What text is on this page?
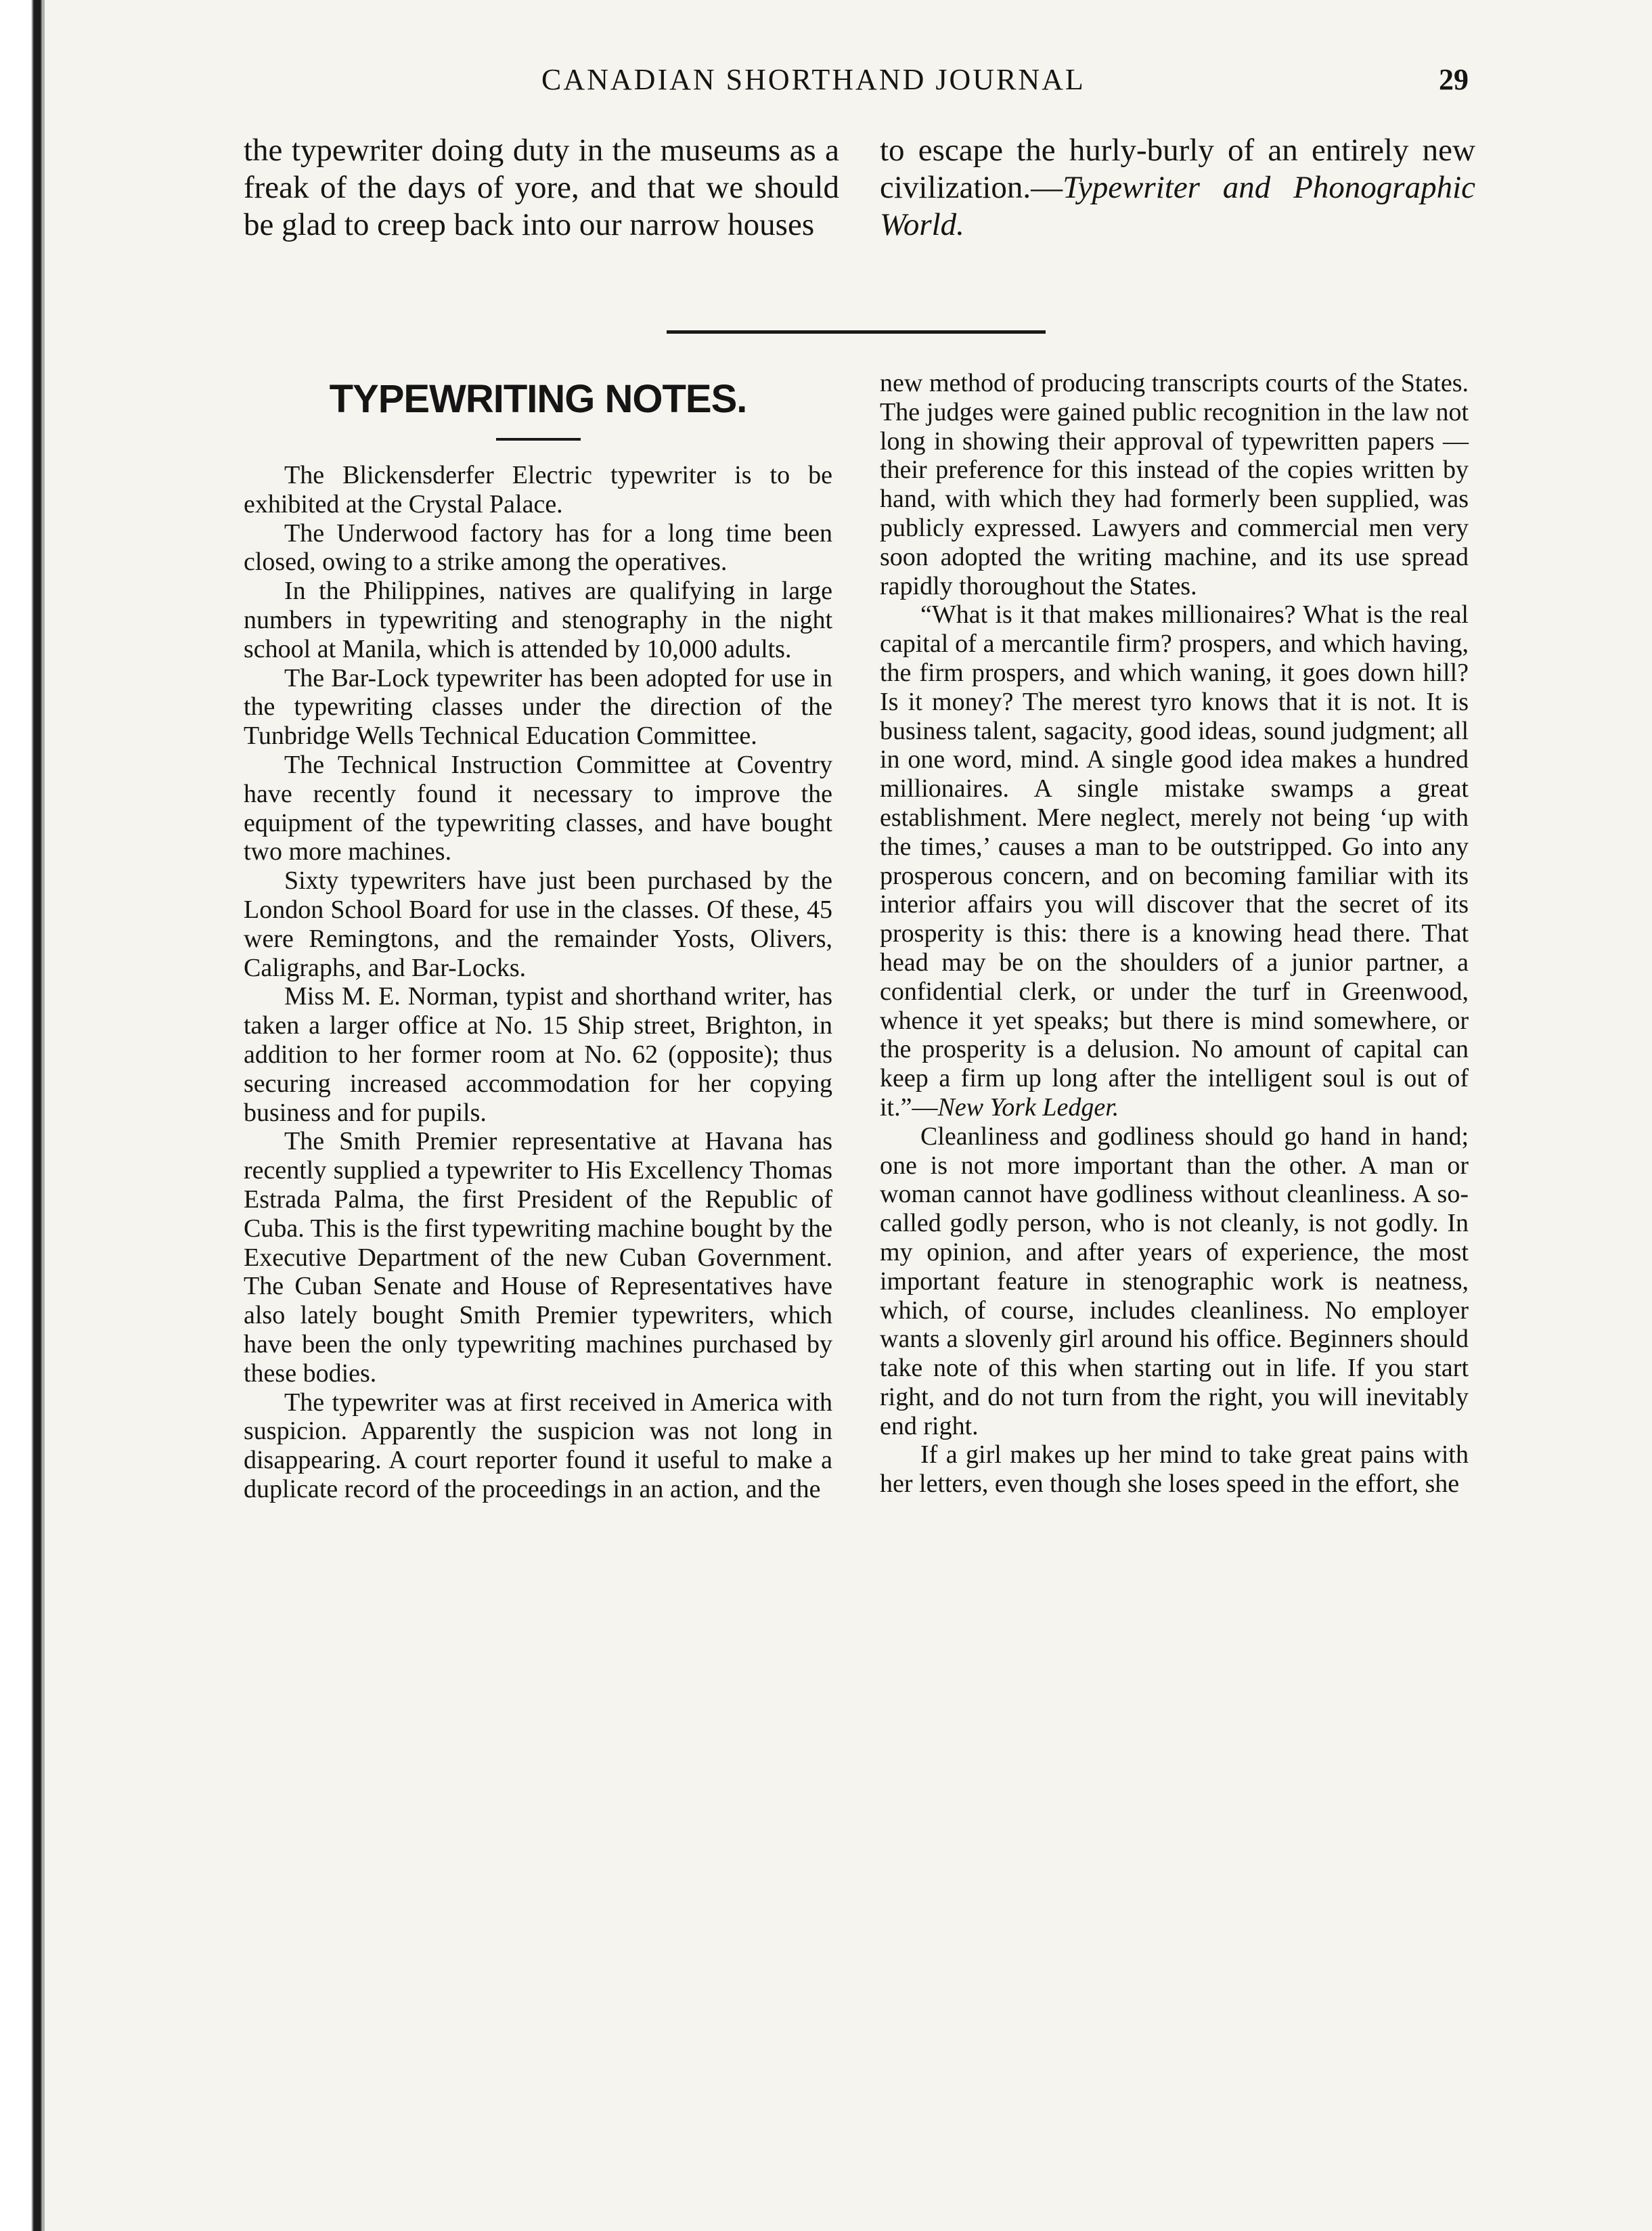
CANADIAN SHORTHAND JOURNAL	29
the typewriter doing duty in the museums as a freak of the days of yore, and that we should be glad to creep back into our narrow houses
to escape the hurly-burly of an entirely new civilization.—Typewriter and Phonographic World.
TYPEWRITING NOTES.

The Blickensderfer Electric typewriter is to be exhibited at the Crystal Palace.

The Underwood factory has for a long time been closed, owing to a strike among the operatives.

In the Philippines, natives are qualifying in large numbers in typewriting and stenography in the night school at Manila, which is attended by 10,000 adults.

The Bar-Lock typewriter has been adopted for use in the typewriting classes under the direction of the Tunbridge Wells Technical Education Committee.

The Technical Instruction Committee at Coventry have recently found it necessary to improve the equipment of the typewriting classes, and have bought two more machines.

Sixty typewriters have just been purchased by the London School Board for use in the classes. Of these, 45 were Remingtons, and the remainder Yosts, Olivers, Caligraphs, and Bar-Locks.

Miss M. E. Norman, typist and shorthand writer, has taken a larger office at No. 15 Ship street, Brighton, in addition to her former room at No. 62 (opposite); thus securing increased accommodation for her copying business and for pupils.

The Smith Premier representative at Havana has recently supplied a typewriter to His Excellency Thomas Estrada Palma, the first President of the Republic of Cuba. This is the first typewriting machine bought by the Executive Department of the new Cuban Government. The Cuban Senate and House of Representatives have also lately bought Smith Premier typewriters, which have been the only typewriting machines purchased by these bodies.

The typewriter was at first received in America with suspicion. Apparently the suspicion was not long in disappearing. A court reporter found it useful to make a duplicate record of the proceedings in an action, and the

new method of producing transcripts courts of the States. The judges were gained public recognition in the law not long in showing their approval of typewritten papers — their preference for this instead of the copies written by hand, with which they had formerly been supplied, was publicly expressed. Lawyers and commercial men very soon adopted the writing machine, and its use spread rapidly thoroughout the States.

“What is it that makes millionaires? What is the real capital of a mercantile firm? prospers, and which having, the firm prospers, and which waning, it goes down hill? Is it money? The merest tyro knows that it is not. It is business talent, sagacity, good ideas, sound judgment; all in one word, mind. A single good idea makes a hundred millionaires. A single mistake swamps a great establishment. Mere neglect, merely not being ‘up with the times,’ causes a man to be outstripped. Go into any prosperous concern, and on becoming familiar with its interior affairs you will discover that the secret of its prosperity is this: there is a knowing head there. That head may be on the shoulders of a junior partner, a confidential clerk, or under the turf in Greenwood, whence it yet speaks; but there is mind somewhere, or the prosperity is a delusion. No amount of capital can keep a firm up long after the intelligent soul is out of it.”—New York Ledger.

Cleanliness and godliness should go hand in hand; one is not more important than the other. A man or woman cannot have godliness without cleanliness. A so-called godly person, who is not cleanly, is not godly. In my opinion, and after years of experience, the most important feature in stenographic work is neatness, which, of course, includes cleanliness. No employer wants a slovenly girl around his office. Beginners should take note of this when starting out in life. If you start right, and do not turn from the right, you will inevitably end right.

If a girl makes up her mind to take great pains with her letters, even though she loses speed in the effort, she
